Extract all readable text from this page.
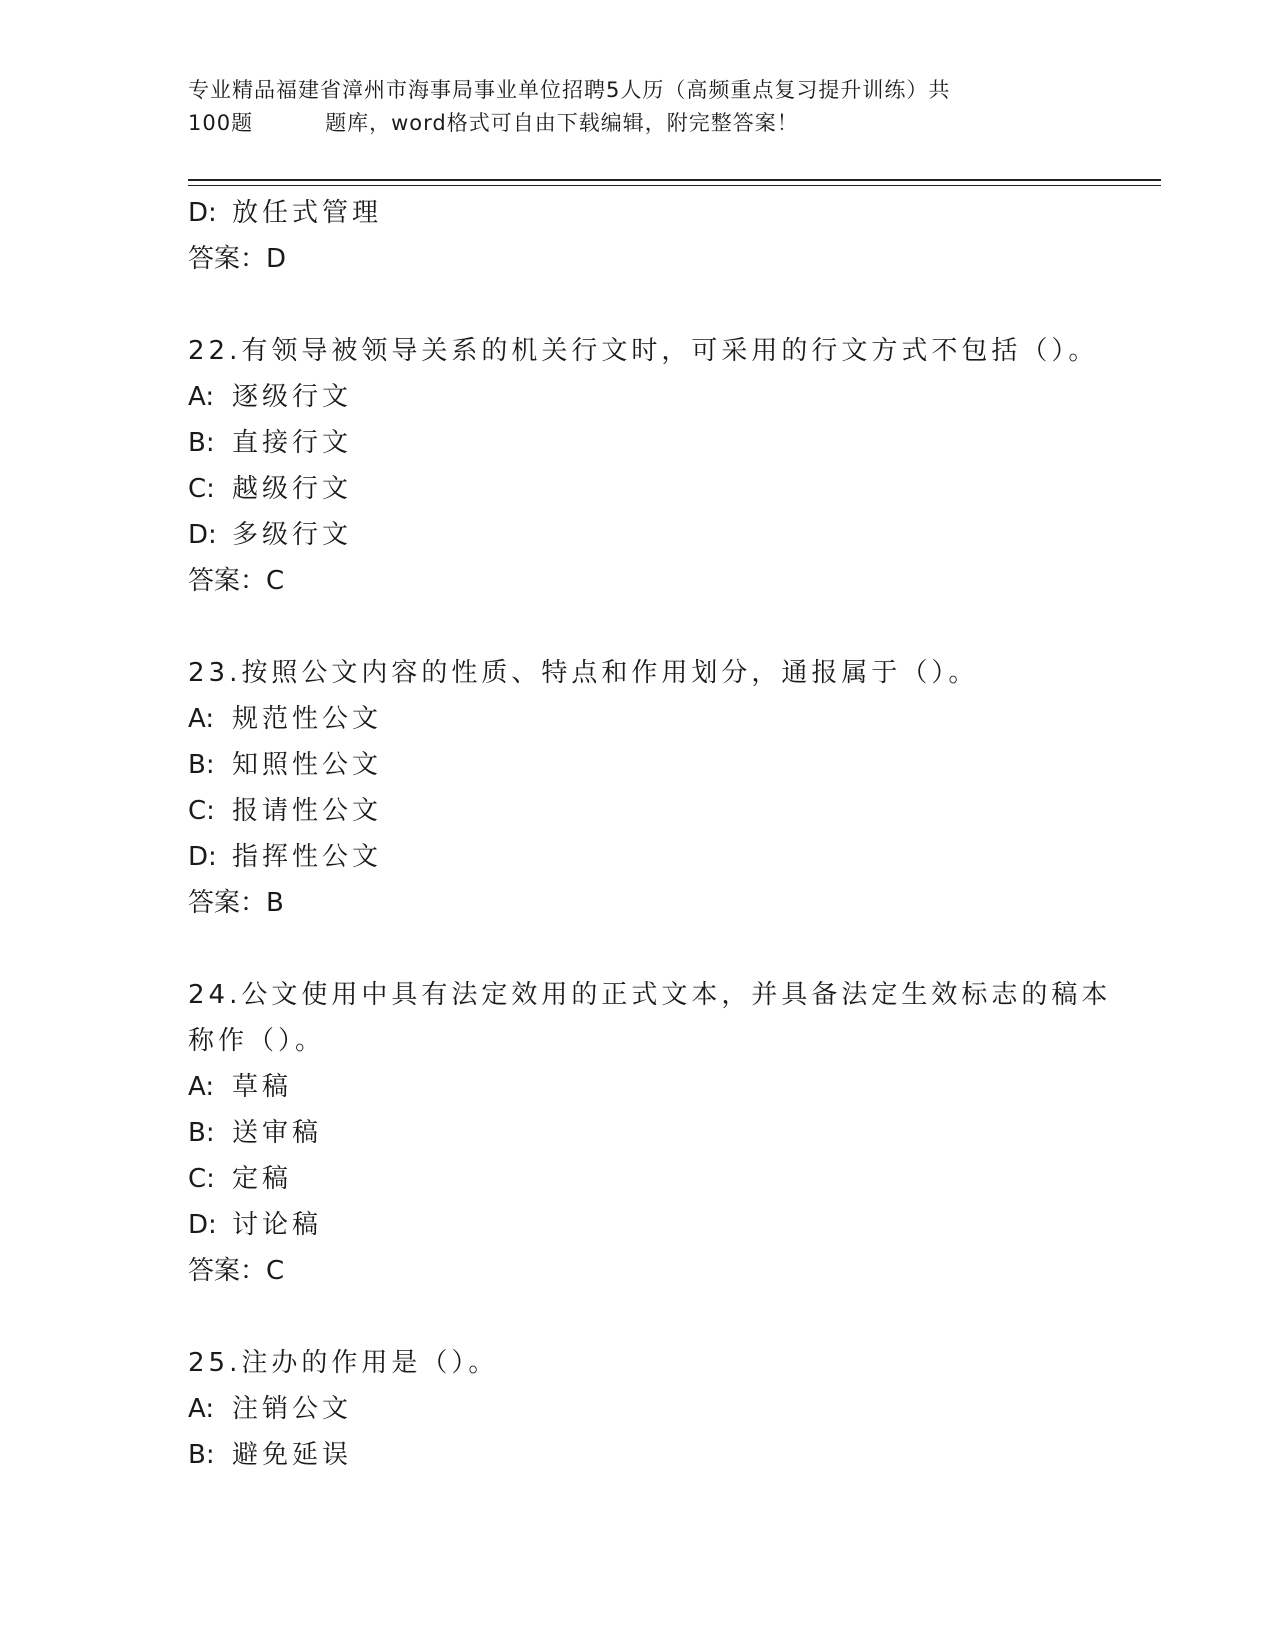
专业精品福建省漳州市海事局事业单位招聘5人历（高频重点复习提升训练）共
100题	题库，word格式可自由下载编辑，附完整答案！
D: 放任式管理
答案：D
22.有领导被领导关系的机关行文时，可采用的行文方式不包括（）。
A: 逐级行文
B: 直接行文
C: 越级行文
D: 多级行文
答案：C
23.按照公文内容的性质、特点和作用划分，通报属于（）。
A: 规范性公文
B: 知照性公文
C: 报请性公文
D: 指挥性公文
答案：B
24.公文使用中具有法定效用的正式文本，并具备法定生效标志的稿本
称作（）。
A: 草稿
B: 送审稿
C: 定稿
D: 讨论稿
答案：C
25.注办的作用是（）。
A: 注销公文
B: 避免延误
